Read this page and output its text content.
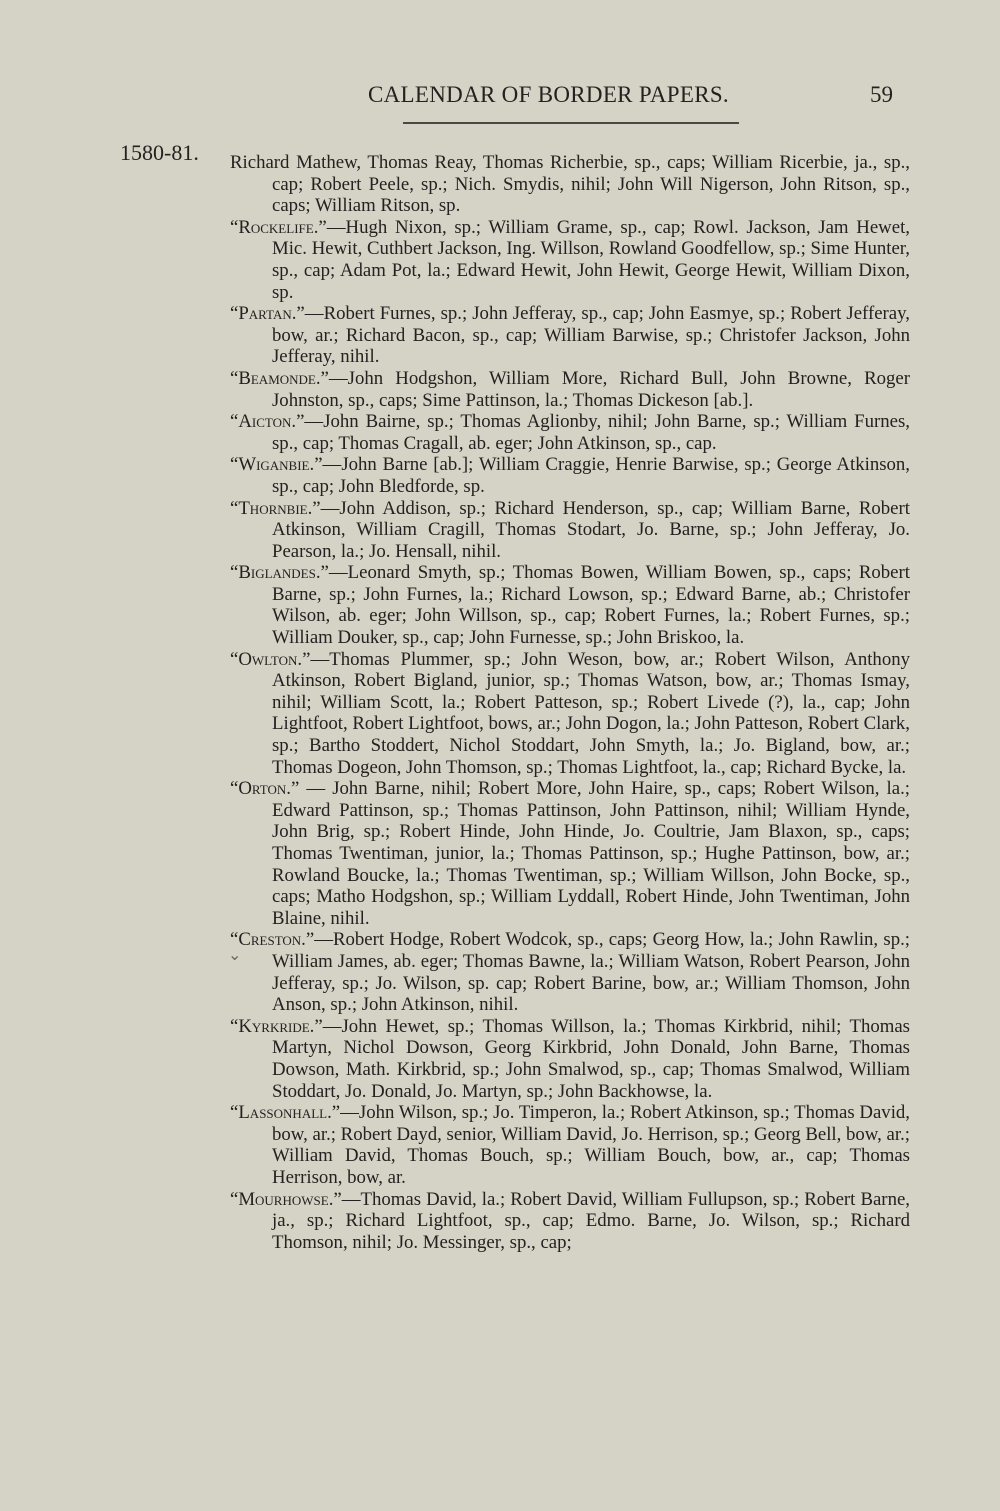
CALENDAR OF BORDER PAPERS.	59
1580-81. Richard Mathew, Thomas Reay, Thomas Richerbie, sp., caps; William Ricerbie, ja., sp., cap; Robert Peele, sp.; Nich. Smydis, nihil; John Will Nigerson, John Ritson, sp., caps; William Ritson, sp.

“Rockelife.”—Hugh Nixon, sp.; William Grame, sp., cap; Rowl. Jackson, Jam Hewet, Mic. Hewit, Cuthbert Jackson, Ing. Willson, Rowland Goodfellow, sp.; Sime Hunter, sp., cap; Adam Pot, la.; Edward Hewit, John Hewit, George Hewit, William Dixon, sp.

“Partan.”—Robert Furnes, sp.; John Jefferay, sp., cap; John Easmye, sp.; Robert Jefferay, bow, ar.; Richard Bacon, sp., cap; William Barwise, sp.; Christofer Jackson, John Jefferay, nihil.

“Beamonde.”—John Hodgshon, William More, Richard Bull, John Browne, Roger Johnston, sp., caps; Sime Pattinson, la.; Thomas Dickeson [ab.].

“Aicton.”—John Bairne, sp.; Thomas Aglionby, nihil; John Barne, sp.; William Furnes, sp., cap; Thomas Cragall, ab. eger; John Atkinson, sp., cap.

“Wiganbie.”—John Barne [ab.]; William Craggie, Henrie Barwise, sp.; George Atkinson, sp., cap; John Bledforde, sp.

“Thornbie.”—John Addison, sp.; Richard Henderson, sp., cap; William Barne, Robert Atkinson, William Cragill, Thomas Stodart, Jo. Barne, sp.; John Jefferay, Jo. Pearson, la.; Jo. Hensall, nihil.

“Biglandes.”—Leonard Smyth, sp.; Thomas Bowen, William Bowen, sp., caps; Robert Barne, sp.; John Furnes, la.; Richard Lowson, sp.; Edward Barne, ab.; Christofer Wilson, ab. eger; John Willson, sp., cap; Robert Furnes, la.; Robert Furnes, sp.; William Douker, sp., cap; John Furnesse, sp.; John Briskoo, la.

“Owlton.”—Thomas Plummer, sp.; John Weson, bow, ar.; Robert Wilson, Anthony Atkinson, Robert Bigland, junior, sp.; Thomas Watson, bow, ar.; Thomas Ismay, nihil; William Scott, la.; Robert Patteson, sp.; Robert Livede (?), la., cap; John Lightfoot, Robert Lightfoot, bows, ar.; John Dogon, la.; John Patteson, Robert Clark, sp.; Bartho Stoddert, Nichol Stoddart, John Smyth, la.; Jo. Bigland, bow, ar.; Thomas Dogeon, John Thomson, sp.; Thomas Lightfoot, la., cap; Richard Bycke, la.

“Orton.” — John Barne, nihil; Robert More, John Haire, sp., caps; Robert Wilson, la.; Edward Pattinson, sp.; Thomas Pattinson, John Pattinson, nihil; William Hynde, John Brig, sp.; Robert Hinde, John Hinde, Jo. Coultrie, Jam Blaxon, sp., caps; Thomas Twentiman, junior, la.; Thomas Pattinson, sp.; Hughe Pattinson, bow, ar.; Rowland Boucke, la.; Thomas Twentiman, sp.; William Willson, John Bocke, sp., caps; Matho Hodgshon, sp.; William Lyddall, Robert Hinde, John Twentiman, John Blaine, nihil.

“Creston.”—Robert Hodge, Robert Wodcok, sp., caps; Georg How, la.; John Rawlin, sp.; William James, ab. eger; Thomas Bawne, la.; William Watson, Robert Pearson, John Jefferay, sp.; Jo. Wilson, sp. cap; Robert Barine, bow, ar.; William Thomson, John Anson, sp.; John Atkinson, nihil.

“Kyrkride.”—John Hewet, sp.; Thomas Willson, la.; Thomas Kirkbrid, nihil; Thomas Martyn, Nichol Dowson, Georg Kirkbrid, John Donald, John Barne, Thomas Dowson, Math. Kirkbrid, sp.; John Smalwod, sp., cap; Thomas Smalwod, William Stoddart, Jo. Donald, Jo. Martyn, sp.; John Backhowse, la.

“Lassonhall.”—John Wilson, sp.; Jo. Timperon, la.; Robert Atkinson, sp.; Thomas David, bow, ar.; Robert Dayd, senior, William David, Jo. Herrison, sp.; Georg Bell, bow, ar.; William David, Thomas Bouch, sp.; William Bouch, bow, ar., cap; Thomas Herrison, bow, ar.

“Mourhowse.”—Thomas David, la.; Robert David, William Fullupson, sp.; Robert Barne, ja., sp.; Richard Lightfoot, sp., cap; Edmo. Barne, Jo. Wilson, sp.; Richard Thomson, nihil; Jo. Messinger, sp., cap;

⌄
